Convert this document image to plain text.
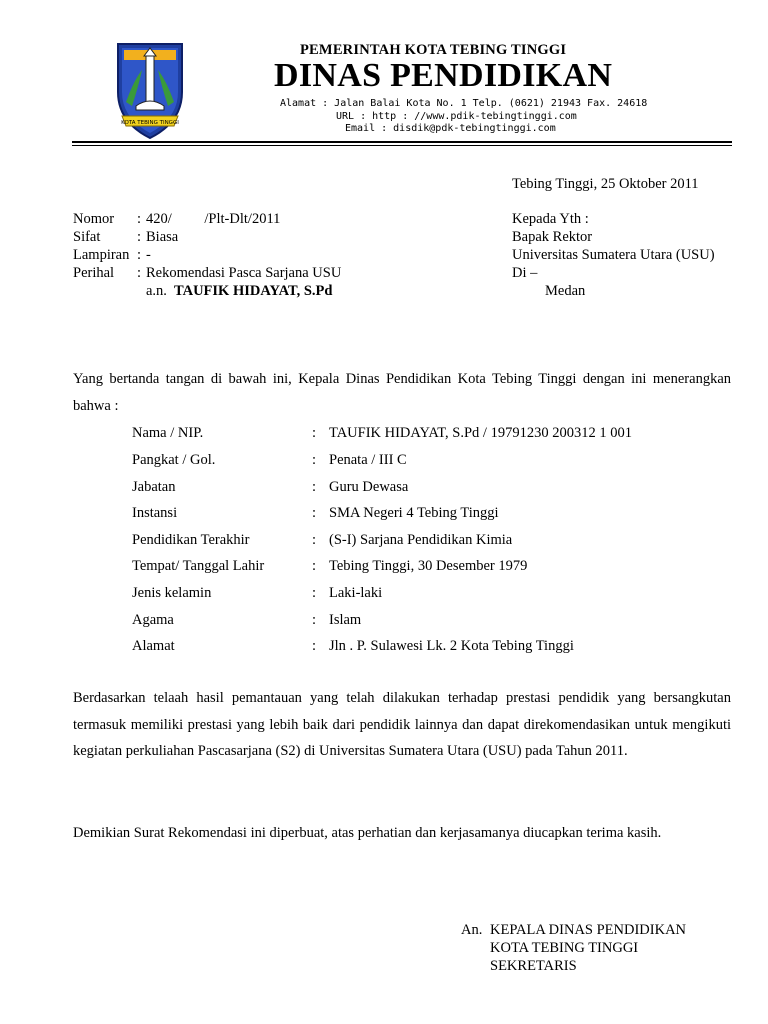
KOTA TEBING TINGGI
PEMERINTAH KOTA TEBING TINGGI
DINAS PENDIDIKAN
Alamat : Jalan Balai Kota No. 1 Telp. (0621) 21943 Fax. 24618
URL : http : //www.pdik-tebingtinggi.com
Email : disdik@pdk-tebingtinggi.com
Tebing Tinggi, 25 Oktober 2011
Nomor : 420/         /Plt-Dlt/2011
Sifat	: Biasa
Lampiran : -
Perihal : Rekomendasi Pasca Sarjana USU
a.n. TAUFIK HIDAYAT, S.Pd
Kepada Yth :
Bapak Rektor
Universitas Sumatera Utara (USU)
Di –
Medan
Yang bertanda tangan di bawah ini, Kepala Dinas Pendidikan Kota Tebing Tinggi dengan ini menerangkan bahwa :
Nama / NIP.	: TAUFIK HIDAYAT, S.Pd / 19791230 200312 1 001
Pangkat / Gol.	: Penata / III C
Jabatan	: Guru Dewasa
Instansi	: SMA Negeri 4 Tebing Tinggi
Pendidikan Terakhir	: (S-I) Sarjana Pendidikan Kimia
Tempat/ Tanggal Lahir	: Tebing Tinggi, 30 Desember 1979
Jenis kelamin	: Laki-laki
Agama	: Islam
Alamat	: Jln . P. Sulawesi Lk. 2 Kota Tebing Tinggi
Berdasarkan telaah hasil pemantauan yang telah dilakukan terhadap prestasi pendidik yang bersangkutan termasuk memiliki prestasi yang lebih baik dari pendidik lainnya dan dapat direkomendasikan untuk mengikuti kegiatan perkuliahan Pascasarjana (S2) di Universitas Sumatera Utara (USU) pada Tahun 2011.
Demikian Surat Rekomendasi ini diperbuat, atas perhatian dan kerjasamanya diucapkan terima kasih.
An. KEPALA DINAS PENDIDIKAN
KOTA TEBING TINGGI
SEKRETARIS
